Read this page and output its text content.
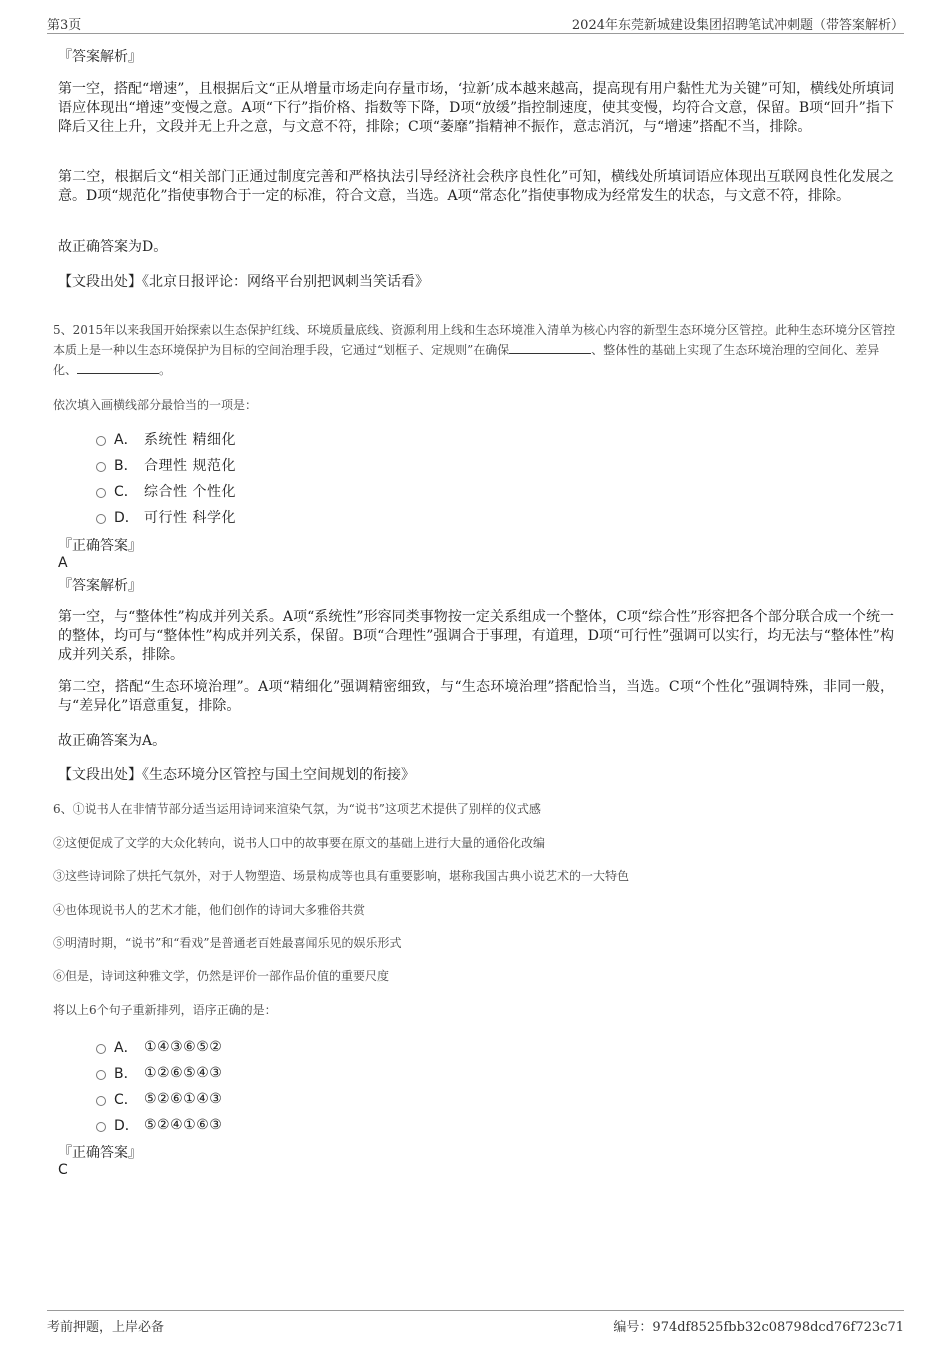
第3页	2024年东莞新城建设集团招聘笔试冲刺题（带答案解析）
『答案解析』
第一空，搭配“增速”，且根据后文“正从增量市场走向存量市场，‘拉新’成本越来越高，提高现有用户黏性尤为关键”可知，横线处所填词语应体现出“增速”变慢之意。A项“下行”指价格、指数等下降，D项“放缓”指控制速度，使其变慢，均符合文意，保留。B项“回升”指下降后又往上升，文段并无上升之意，与文意不符，排除；C项“萎靡”指精神不振作，意志消沉，与“增速”搭配不当，排除。
第二空，根据后文“相关部门正通过制度完善和严格执法引导经济社会秩序良性化”可知，横线处所填词语应体现出互联网良性化发展之意。D项“规范化”指使事物合于一定的标准，符合文意，当选。A项“常态化”指使事物成为经常发生的状态，与文意不符，排除。
故正确答案为D。
【文段出处】《北京日报评论：网络平台别把讽刺当笑话看》
5、2015年以来我国开始探索以生态保护红线、环境质量底线、资源利用上线和生态环境准入清单为核心内容的新型生态环境分区管控。此种生态环境分区管控本质上是一种以生态环境保护为目标的空间治理手段，它通过“划框子、定规则”在确保	、整体性的基础上实现了生态环境治理的空间化、差异化、	。
依次填入画横线部分最恰当的一项是：
A． 系统性 精细化
B． 合理性 规范化
C． 综合性 个性化
D． 可行性 科学化
『正确答案』
A
『答案解析』
第一空，与“整体性”构成并列关系。A项“系统性”形容同类事物按一定关系组成一个整体，C项“综合性”形容把各个部分联合成一个统一的整体，均可与“整体性”构成并列关系，保留。B项“合理性”强调合于事理，有道理，D项“可行性”强调可以实行，均无法与“整体性”构成并列关系，排除。
第二空，搭配“生态环境治理”。A项“精细化”强调精密细致，与“生态环境治理”搭配恰当，当选。C项“个性化”强调特殊，非同一般，与“差异化”语意重复，排除。
故正确答案为A。
【文段出处】《生态环境分区管控与国土空间规划的衔接》
6、①说书人在非情节部分适当运用诗词来渲染气氛，为“说书”这项艺术提供了别样的仪式感
②这便促成了文学的大众化转向，说书人口中的故事要在原文的基础上进行大量的通俗化改编
③这些诗词除了烘托气氛外，对于人物塑造、场景构成等也具有重要影响，堪称我国古典小说艺术的一大特色
④也体现说书人的艺术才能，他们创作的诗词大多雅俗共赏
⑤明清时期，“说书”和“看戏”是普通老百姓最喜闻乐见的娱乐形式
⑥但是，诗词这种雅文学，仍然是评价一部作品价值的重要尺度
将以上6个句子重新排列，语序正确的是：
A． ①④③⑥⑤②
B． ①②⑥⑤④③
C． ⑤②⑥①④③
D． ⑤②④①⑥③
『正确答案』
C
考前押题，上岸必备	编号：974df8525fbb32c08798dcd76f723c71
